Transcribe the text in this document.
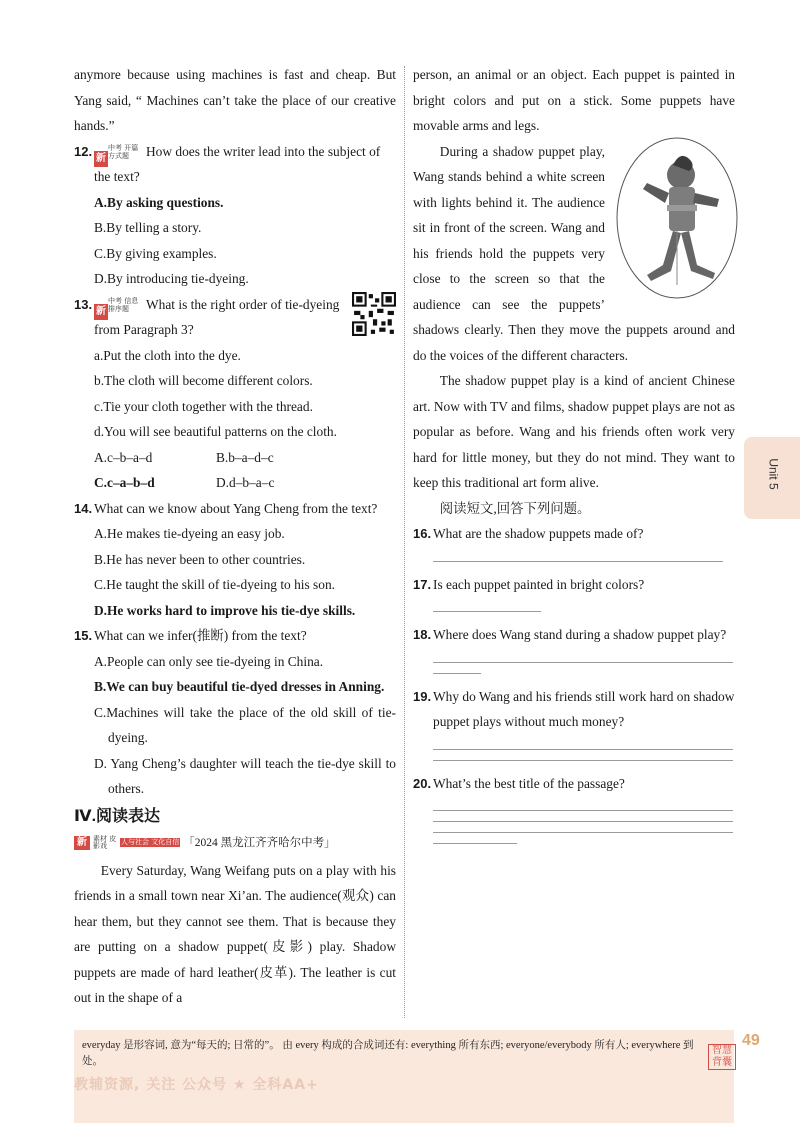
anymore because using machines is fast and cheap. But Yang said, “ Machines can’t take the place of our creative hands.”

12.
新中考 开篇方式题 How does the writer lead into the subject of the text?

A.By asking questions.

B.By telling a story.

C.By giving examples.

D.By introducing tie-dyeing.

13.
新中考 信息排序题 What is the right order of tie-dyeing from Paragraph 3?

a.Put the cloth into the dye.

b.The cloth will become different colors.

c.Tie your cloth together with the thread.

d.You will see beautiful patterns on the cloth.

A.c–b–a–d	B.b–a–d–c
C.c–a–b–d	D.d–b–a–c
14. What can we know about Yang Cheng from the text?

A.He makes tie-dyeing an easy job.

B.He has never been to other countries.

C.He taught the skill of tie-dyeing to his son.

D.He works hard to improve his tie-dye skills.

15. What can we infer(推断) from the text?

A.People can only see tie-dyeing in China.

B.We can buy beautiful tie-dyed dresses in Anning.

C.Machines will take the place of the old skill of tie-dyeing.

D. Yang Cheng’s daughter will teach the tie-dye skill to others.

Ⅳ.阅读表达
新 素材 皮影戏	人与社会 文化自信 「2024 黑龙江齐齐哈尔中考」

Every Saturday, Wang Weifang puts on a play with his friends in a small town near Xi’an. The audience(观众) can hear them, but they cannot see them. That is because they are putting on a shadow puppet(皮影) play. Shadow puppets are made of hard leather(皮革). The leather is cut out in the shape of a

person, an animal or an object. Each puppet is painted in bright colors and put on a stick. Some puppets have movable arms and legs.

During a shadow puppet play, Wang stands behind a white screen with lights behind it. The audience sit in front of the screen. Wang and his friends hold the puppets very close to the screen so that the audience can see the puppets’ shadows clearly. Then they move the puppets around and do the voices of the different characters.

The shadow puppet play is a kind of ancient Chinese art. Now with TV and films, shadow puppet plays are not as popular as before. Wang and his friends often work very hard for little money, but they do not mind. They want to keep this traditional art form alive.

阅读短文,回答下列问题。

16. What are the shadow puppets made of?
17. Is each puppet painted in bright colors?
18. Where does Wang stand during a shadow puppet play?
19. Why do Wang and his friends still work hard on shadow puppet plays without much money?
20. What’s the best title of the passage?
Unit 5
everyday 是形容词, 意为“每天的; 日常的”。 由 every 构成的合成词还有: everything 所有东西; everyone/everybody 所有人; everywhere 到处。
教辅资源, 关注 公众号 ★ 全科AA+
智慧背囊
49
